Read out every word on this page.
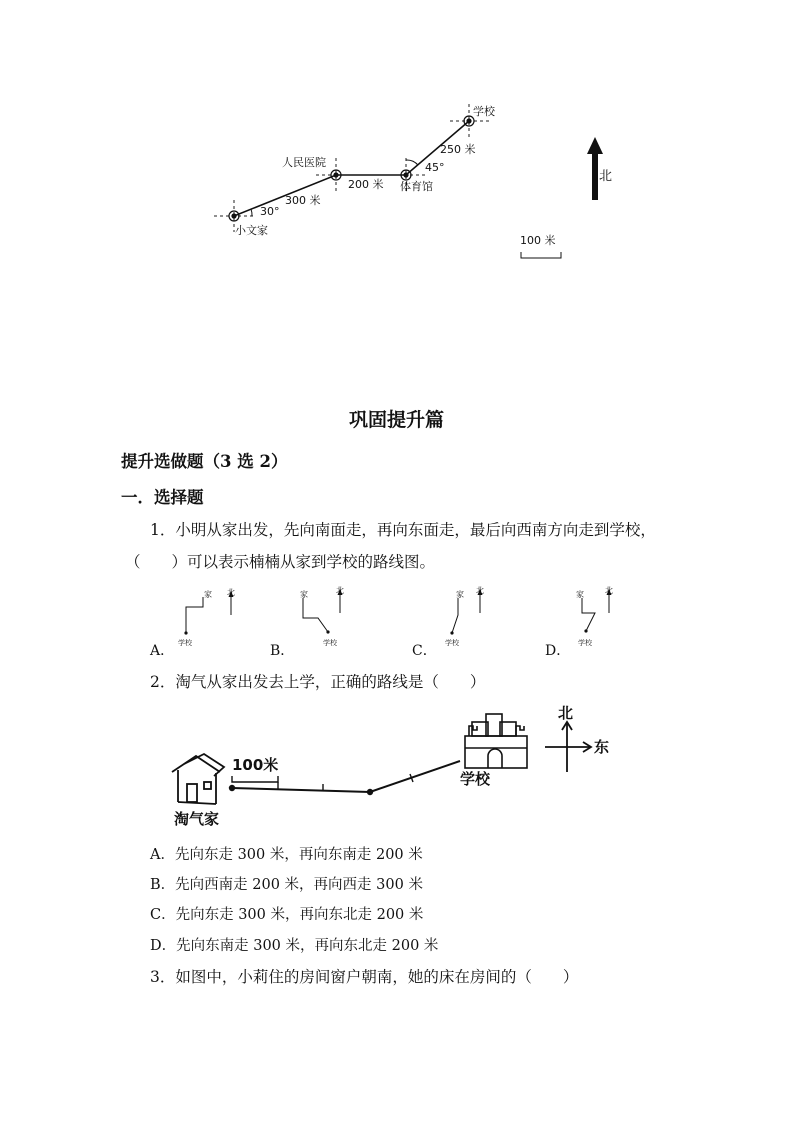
学校
人民医院
体育馆
小文家
300 米
200 米
250 米
30°
45°
北
100 米
巩固提升篇
提升选做题（3 选 2）
一．选择题
1．小明从家出发，先向南面走，再向东面走，最后向西南方向走到学校，
（　　）可以表示楠楠从家到学校的路线图。
A．
家 北
学校	B．
家	北
学校	C．
家 北
学校	D．
家	北
学校
2．淘气从家出发去上学，正确的路线是（　　）
淘气家
100米
学校
北
东
A．先向东走 300 米，再向东南走 200 米
B．先向西南走 200 米，再向西走 300 米
C．先向东走 300 米，再向东北走 200 米
D．先向东南走 300 米，再向东北走 200 米
3．如图中，小莉住的房间窗户朝南，她的床在房间的（　　）
